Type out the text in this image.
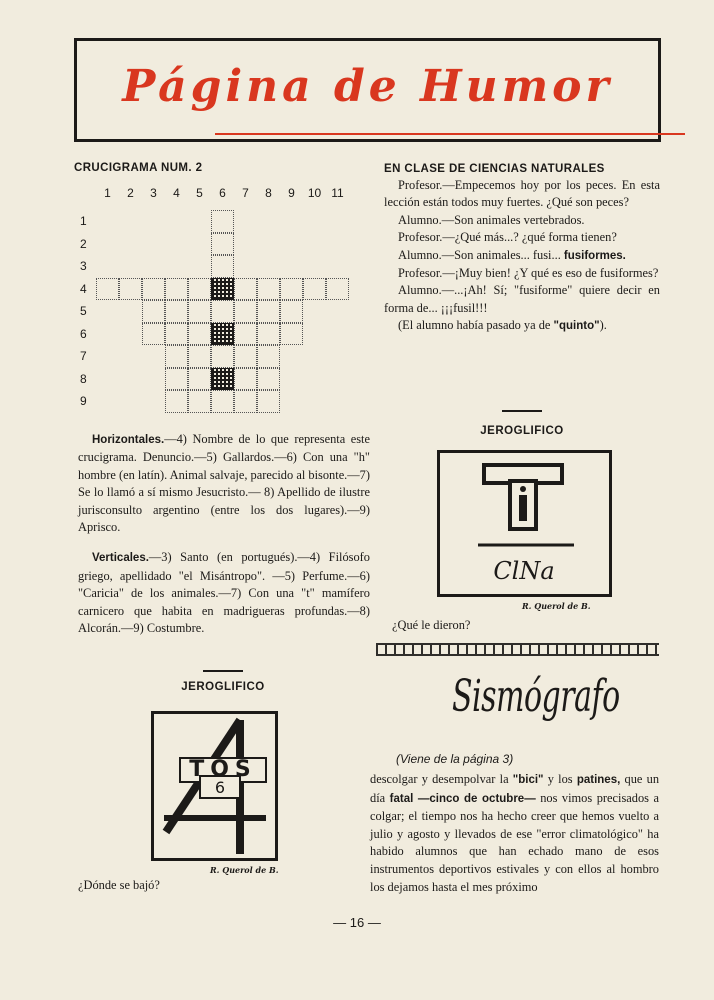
Página de Humor
CRUCIGRAMA NUM. 2
1	2	3	4	5	6	7	8	9	10 11
1
2
3
4
5
6
7
8
9

Horizontales.—4) Nombre de lo que representa este crucigrama. Denuncio.—5) Gallardos.—6) Con una "h" hombre (en latín). Animal salvaje, parecido al bisonte.—7) Se lo llamó a sí mismo Jesucristo.— 8) Apellido de ilustre jurisconsulto argentino (entre los dos lugares).—9) Aprisco.

Verticales.—3) Santo (en portugués).—4) Filósofo griego, apellidado "el Misántropo". —5) Perfume.—6) "Caricia" de los animales.—7) Con una "t" mamífero carnicero que habita en madrigueras profundas.—8) Alcorán.—9) Costumbre.

JEROGLIFICO
TOS
6
R. Querol de B.
¿Dónde se bajó?
EN CLASE DE CIENCIAS NATURALES

Profesor.—Empecemos hoy por los peces. En esta lección están todos muy fuertes. ¿Qué son peces?

Alumno.—Son animales vertebrados.

Profesor.—¿Qué más...? ¿qué forma tienen?

Alumno.—Son animales... fusi... fusiformes.

Profesor.—¡Muy bien! ¿Y qué es eso de fusiformes?

Alumno.—...¡Ah! Sí; "fusiforme" quiere decir en forma de... ¡¡¡fusil!!!

(El alumno había pasado ya de "quinto").

JEROGLIFICO
ClNa
R. Querol de B.
¿Qué le dieron?
Sismógrafo
(Viene de la página 3)

descolgar y desempolvar la "bici" y los patines, que un día fatal —cinco de octubre— nos vimos precisados a colgar; el tiempo nos ha hecho creer que hemos vuelto a julio y agosto y llevados de ese "error climatológico" ha habido alumnos que han echado mano de esos instrumentos deportivos estivales y con ellos al hombro los dejamos hasta el mes próximo

— 16 —
